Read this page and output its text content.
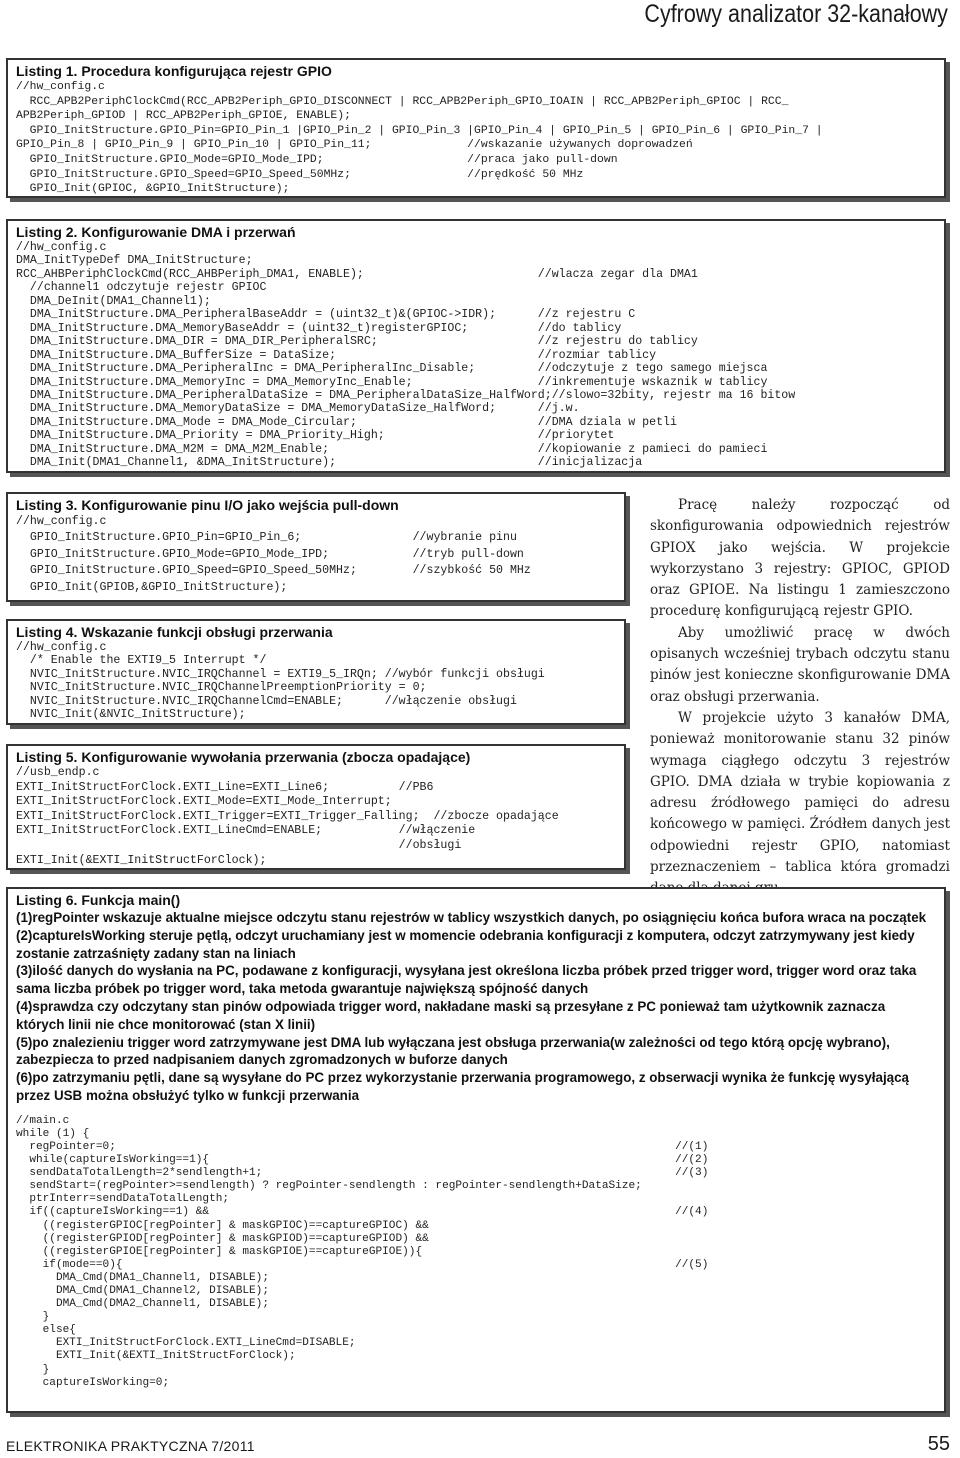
Cyfrowy analizator 32-kanałowy
Listing 1. Procedura konfigurująca rejestr GPIO
//hw_config.c
RCC_APB2PeriphClockCmd(RCC_APB2Periph_GPIO_DISCONNECT | RCC_APB2Periph_GPIO_IOAIN | RCC_APB2Periph_GPIOC | RCC_
APB2Periph_GPIOD | RCC_APB2Periph_GPIOE, ENABLE);
GPIO_InitStructure.GPIO_Pin=GPIO_Pin_1 |GPIO_Pin_2 | GPIO_Pin_3 |GPIO_Pin_4 | GPIO_Pin_5 | GPIO_Pin_6 | GPIO_Pin_7 |
GPIO_Pin_8 | GPIO_Pin_9 | GPIO_Pin_10 | GPIO_Pin_11;              //wskazanie używanych doprowadzeń
GPIO_InitStructure.GPIO_Mode=GPIO_Mode_IPD;                     //praca jako pull-down
GPIO_InitStructure.GPIO_Speed=GPIO_Speed_50MHz;                 //prędkość 50 MHz
GPIO_Init(GPIOC, &GPIO_InitStructure);
Listing 2. Konfigurowanie DMA i przerwań
//hw_config.c
DMA_InitTypeDef DMA_InitStructure;
RCC_AHBPeriphClockCmd(RCC_AHBPeriph_DMA1, ENABLE);                         //wlacza zegar dla DMA1
//channel1 odczytuje rejestr GPIOC
DMA_DeInit(DMA1_Channel1);
DMA_InitStructure.DMA_PeripheralBaseAddr = (uint32_t)&(GPIOC->IDR);      //z rejestru C
DMA_InitStructure.DMA_MemoryBaseAddr = (uint32_t)registerGPIOC;          //do tablicy
DMA_InitStructure.DMA_DIR = DMA_DIR_PeripheralSRC;                       //z rejestru do tablicy
DMA_InitStructure.DMA_BufferSize = DataSize;                             //rozmiar tablicy
DMA_InitStructure.DMA_PeripheralInc = DMA_PeripheralInc_Disable;         //odczytuje z tego samego miejsca
DMA_InitStructure.DMA_MemoryInc = DMA_MemoryInc_Enable;                  //inkrementuje wskaznik w tablicy
DMA_InitStructure.DMA_PeripheralDataSize = DMA_PeripheralDataSize_HalfWord;//slowo=32bity, rejestr ma 16 bitow
DMA_InitStructure.DMA_MemoryDataSize = DMA_MemoryDataSize_HalfWord;      //j.w.
DMA_InitStructure.DMA_Mode = DMA_Mode_Circular;                          //DMA dziala w petli
DMA_InitStructure.DMA_Priority = DMA_Priority_High;                      //priorytet
DMA_InitStructure.DMA_M2M = DMA_M2M_Enable;                              //kopiowanie z pamieci do pamieci
DMA_Init(DMA1_Channel1, &DMA_InitStructure);                             //inicjalizacja
Listing 3. Konfigurowanie pinu I/O jako wejścia pull-down
//hw_config.c
GPIO_InitStructure.GPIO_Pin=GPIO_Pin_6;                //wybranie pinu
GPIO_InitStructure.GPIO_Mode=GPIO_Mode_IPD;            //tryb pull-down
GPIO_InitStructure.GPIO_Speed=GPIO_Speed_50MHz;        //szybkość 50 MHz
GPIO_Init(GPIOB,&GPIO_InitStructure);
Listing 4. Wskazanie funkcji obsługi przerwania
//hw_config.c
/* Enable the EXTI9_5 Interrupt */
NVIC_InitStructure.NVIC_IRQChannel = EXTI9_5_IRQn; //wybór funkcji obsługi
NVIC_InitStructure.NVIC_IRQChannelPreemptionPriority = 0;
NVIC_InitStructure.NVIC_IRQChannelCmd=ENABLE;      //włączenie obsługi
NVIC_Init(&NVIC_InitStructure);
Listing 5. Konfigurowanie wywołania przerwania (zbocza opadające)
//usb_endp.c
EXTI_InitStructForClock.EXTI_Line=EXTI_Line6;          //PB6
EXTI_InitStructForClock.EXTI_Mode=EXTI_Mode_Interrupt;
EXTI_InitStructForClock.EXTI_Trigger=EXTI_Trigger_Falling;  //zbocze opadające
EXTI_InitStructForClock.EXTI_LineCmd=ENABLE;           //włączenie
//obsługi
EXTI_Init(&EXTI_InitStructForClock);

Pracę należy rozpocząć od skonfigurowania odpowiednich rejestrów GPIOX jako wejścia. W projekcie wykorzystano 3 rejestry: GPIOC, GPIOD oraz GPIOE. Na listingu 1 zamieszczono procedurę konfigurującą rejestr GPIO.

Aby umożliwić pracę w dwóch opisanych wcześniej trybach odczytu stanu pinów jest konieczne skonfigurowanie DMA oraz obsługi przerwania.

W projekcie użyto 3 kanałów DMA, ponieważ monitorowanie stanu 32 pinów wymaga ciągłego odczytu 3 rejestrów GPIO. DMA działa w trybie kopiowania z adresu źródłowego pamięci do adresu końcowego w pamięci. Źródłem danych jest odpowiedni rejestr GPIO, natomiast przeznaczeniem – tablica która gromadzi

Listing 6. Funkcja main()
(1)regPointer wskazuje aktualne miejsce odczytu stanu rejestrów w tablicy wszystkich danych, po osiągnięciu końca bufora wraca na początek
(2)captureIsWorking steruje pętlą, odczyt uruchamiany jest w momencie odebrania konfiguracji z komputera, odczyt zatrzymywany jest kiedy zostanie zatrzaśnięty zadany stan na liniach
(3)ilość danych do wysłania na PC, podawane z konfiguracji, wysyłana jest określona liczba próbek przed trigger word, trigger word oraz taka sama liczba próbek po trigger word, taka metoda gwarantuje największą spójność danych
(4)sprawdza czy odczytany stan pinów odpowiada trigger word, nakładane maski są przesyłane z PC ponieważ tam użytkownik zaznacza których linii nie chce monitorować (stan X linii)
(5)po znalezieniu trigger word zatrzymywane jest DMA lub wyłączana jest obsługa przerwania(w zależności od tego którą opcję wybrano), zabezpiecza to przed nadpisaniem danych zgromadzonych w buforze danych
(6)po zatrzymaniu pętli, dane są wysyłane do PC przez wykorzystanie przerwania programowego, z obserwacji wynika że funkcję wysyłającą przez USB można obsłużyć tylko w funkcji przerwania
//main.c
while (1) {
regPointer=0;                                                                                    //(1)
while(captureIsWorking==1){                                                                      //(2)
sendDataTotalLength=2*sendlength+1;                                                              //(3)
sendStart=(regPointer>=sendlength) ? regPointer-sendlength : regPointer-sendlength+DataSize;
ptrInterr=sendDataTotalLength;
if((captureIsWorking==1) &&                                                                      //(4)
((registerGPIOC[regPointer] & maskGPIOC)==captureGPIOC) &&
((registerGPIOD[regPointer] & maskGPIOD)==captureGPIOD) &&
((registerGPIOE[regPointer] & maskGPIOE)==captureGPIOE)){
if(mode==0){                                                                                   //(5)
DMA_Cmd(DMA1_Channel1, DISABLE);
DMA_Cmd(DMA1_Channel2, DISABLE);
DMA_Cmd(DMA2_Channel1, DISABLE);
}
else{
EXTI_InitStructForClock.EXTI_LineCmd=DISABLE;
EXTI_Init(&EXTI_InitStructForClock);
}
captureIsWorking=0;
ELEKTRONIKA PRAKTYCZNA 7/2011	55
